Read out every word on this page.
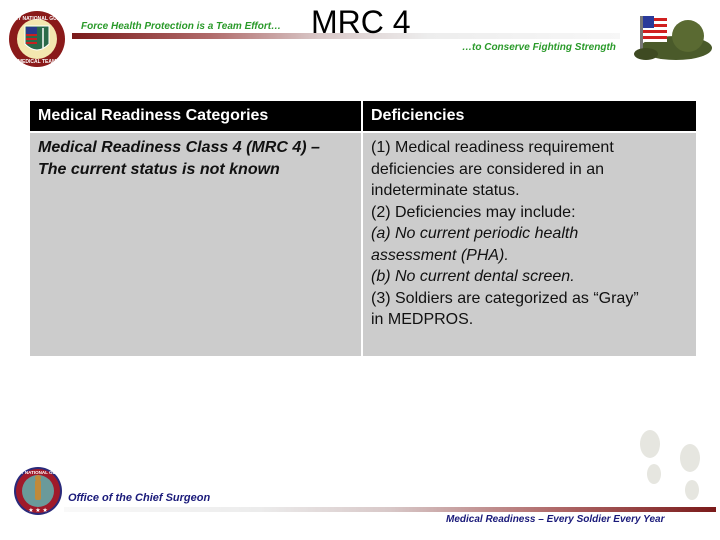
ARMY NATIONAL GUARD
MEDICAL TEAM
Force Health Protection is a Team Effort… MRC 4
…to Conserve Fighting Strength
Medical Readiness Categories	Deficiencies
Medical Readiness Class 4 (MRC 4) –
The current status is not known
(1) Medical readiness requirement
deficiencies are considered in an
indeterminate status.
(2) Deficiencies may include:
(a) No current periodic health
assessment (PHA).
(b) No current dental screen.
(3) Soldiers are categorized as “Gray”
in MEDPROS.
ARMY NATIONAL GUARD
★ ★ ★
Office of the Chief Surgeon
Medical Readiness – Every Soldier Every Year
